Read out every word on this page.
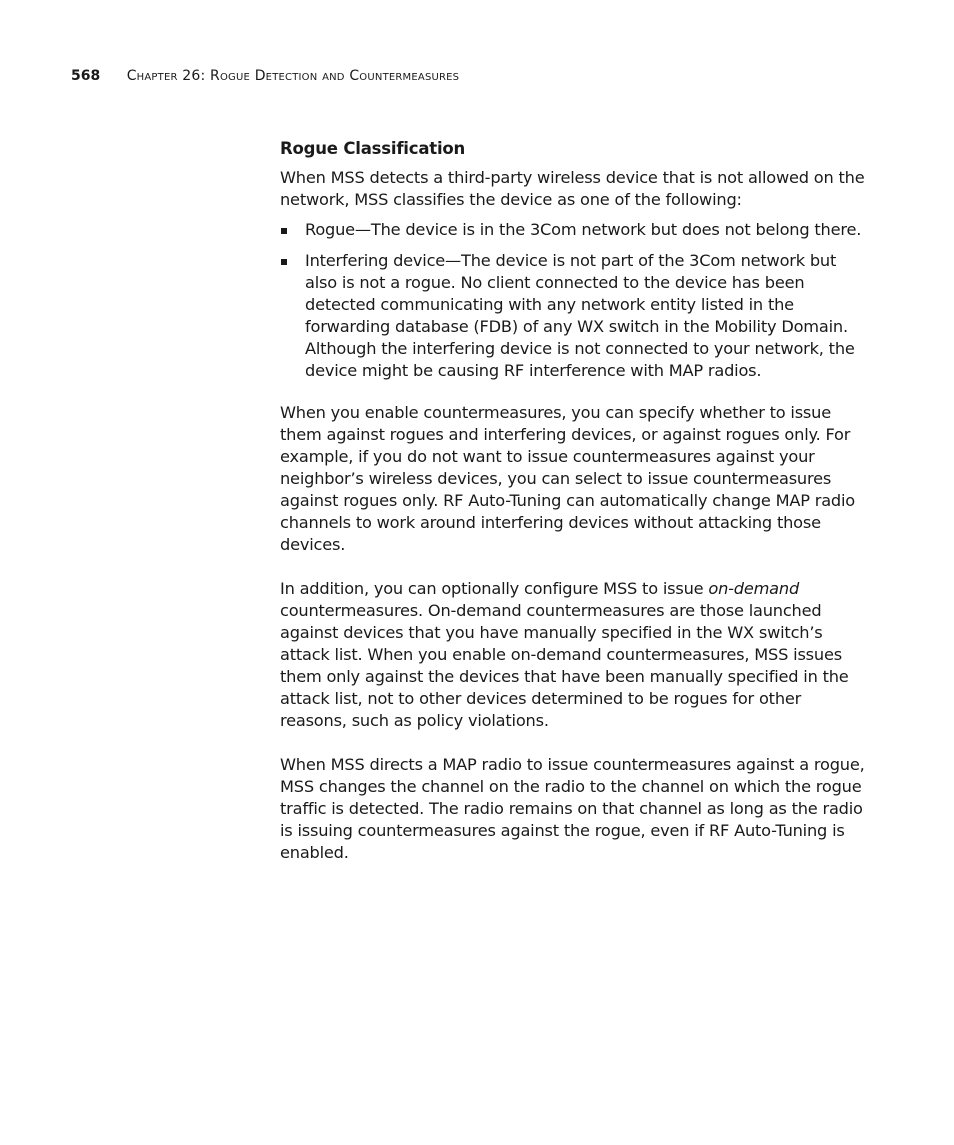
568 Chapter 26: Rogue Detection and Countermeasures
Rogue Classification

When MSS detects a third-party wireless device that is not allowed on the network, MSS classifies the device as one of the following:

Rogue—The device is in the 3Com network but does not belong there.
Interfering device—The device is not part of the 3Com network but also is not a rogue. No client connected to the device has been detected communicating with any network entity listed in the forwarding database (FDB) of any WX switch in the Mobility Domain. Although the interfering device is not connected to your network, the device might be causing RF interference with MAP radios.

When you enable countermeasures, you can specify whether to issue them against rogues and interfering devices, or against rogues only. For example, if you do not want to issue countermeasures against your neighbor’s wireless devices, you can select to issue countermeasures against rogues only. RF Auto-Tuning can automatically change MAP radio channels to work around interfering devices without attacking those devices.

In addition, you can optionally configure MSS to issue on-demand countermeasures. On-demand countermeasures are those launched against devices that you have manually specified in the WX switch’s attack list. When you enable on-demand countermeasures, MSS issues them only against the devices that have been manually specified in the attack list, not to other devices determined to be rogues for other reasons, such as policy violations.

When MSS directs a MAP radio to issue countermeasures against a rogue, MSS changes the channel on the radio to the channel on which the rogue traffic is detected. The radio remains on that channel as long as the radio is issuing countermeasures against the rogue, even if RF Auto-Tuning is enabled.
